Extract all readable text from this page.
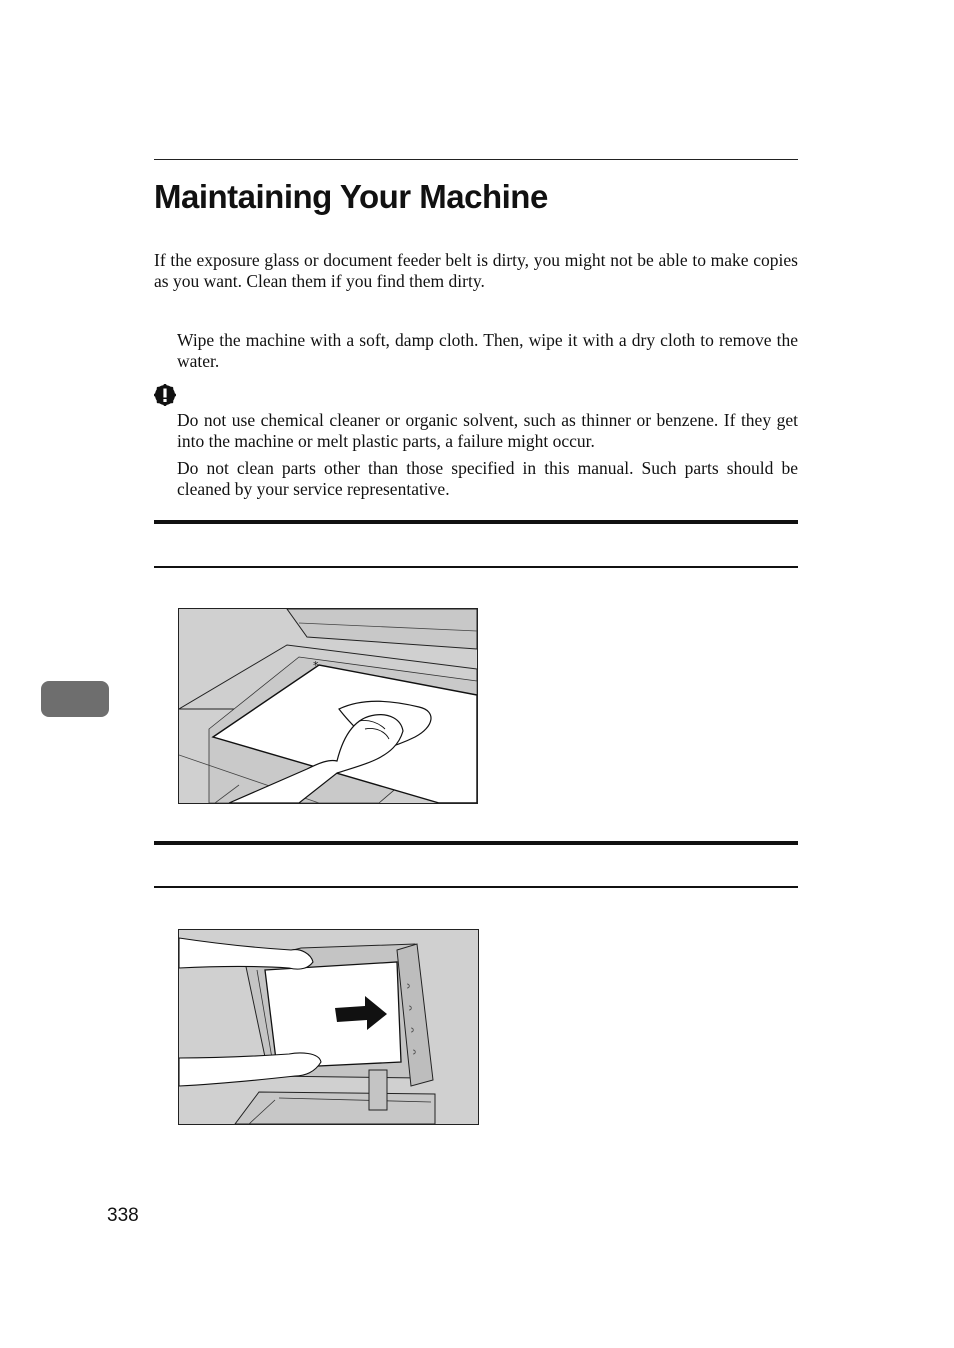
Maintaining Your Machine

If the exposure glass or document feeder belt is dirty, you might not be able to make copies as you want. Clean them if you find them dirty.

Wipe the machine with a soft, damp cloth. Then, wipe it with a dry cloth to remove the water.

Do not use chemical cleaner or organic solvent, such as thinner or benzene. If they get into the machine or melt plastic parts, a failure might occur.

Do not clean parts other than those specified in this manual. Such parts should be cleaned by your service representative.

*
338
